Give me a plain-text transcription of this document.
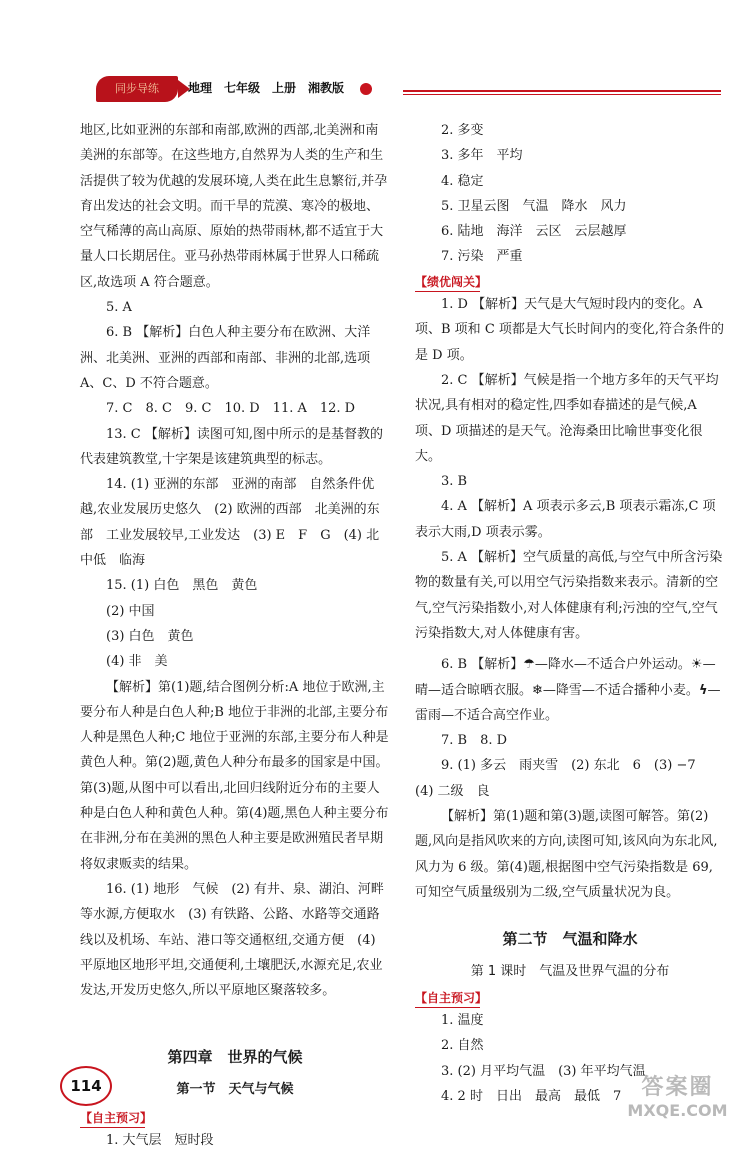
同步导练	地理　七年级　上册　湘教版

地区,比如亚洲的东部和南部,欧洲的西部,北美洲和南美洲的东部等。在这些地方,自然界为人类的生产和生活提供了较为优越的发展环境,人类在此生息繁衍,并孕育出发达的社会文明。而干旱的荒漠、寒冷的极地、空气稀薄的高山高原、原始的热带雨林,都不适宜于大量人口长期居住。亚马孙热带雨林属于世界人口稀疏区,故选项 A 符合题意。

5. A

6. B 【解析】白色人种主要分布在欧洲、大洋洲、北美洲、亚洲的西部和南部、非洲的北部,选项 A、C、D 不符合题意。

7. C　8. C　9. C　10. D　11. A　12. D

13. C 【解析】读图可知,图中所示的是基督教的代表建筑教堂,十字架是该建筑典型的标志。

14. (1) 亚洲的东部　亚洲的南部　自然条件优越,农业发展历史悠久　(2) 欧洲的西部　北美洲的东部　工业发展较早,工业发达　(3) E　F　G　(4) 北　中低　临海

15. (1) 白色　黑色　黄色

(2) 中国

(3) 白色　黄色

(4) 非　美

【解析】第(1)题,结合图例分析:A 地位于欧洲,主要分布人种是白色人种;B 地位于非洲的北部,主要分布人种是黑色人种;C 地位于亚洲的东部,主要分布人种是黄色人种。第(2)题,黄色人种分布最多的国家是中国。第(3)题,从图中可以看出,北回归线附近分布的主要人种是白色人种和黄色人种。第(4)题,黑色人种主要分布在非洲,分布在美洲的黑色人种主要是欧洲殖民者早期将奴隶贩卖的结果。

16. (1) 地形　气候　(2) 有井、泉、湖泊、河畔等水源,方便取水　(3) 有铁路、公路、水路等交通路线以及机场、车站、港口等交通枢纽,交通方便　(4) 平原地区地形平坦,交通便利,土壤肥沃,水源充足,农业发达,开发历史悠久,所以平原地区聚落较多。

第四章　世界的气候

第一节　天气与气候

【自主预习】

1. 大气层　短时段

2. 多变

3. 多年　平均

4. 稳定

5. 卫星云图　气温　降水　风力

6. 陆地　海洋　云区　云层越厚

7. 污染　严重

【绩优闯关】

1. D 【解析】天气是大气短时段内的变化。A 项、B 项和 C 项都是大气长时间内的变化,符合条件的是 D 项。

2. C 【解析】气候是指一个地方多年的天气平均状况,具有相对的稳定性,四季如春描述的是气候,A 项、D 项描述的是天气。沧海桑田比喻世事变化很大。

3. B

4. A 【解析】A 项表示多云,B 项表示霜冻,C 项表示大雨,D 项表示雾。

5. A 【解析】空气质量的高低,与空气中所含污染物的数量有关,可以用空气污染指数来表示。清新的空气,空气污染指数小,对人体健康有利;污浊的空气,空气污染指数大,对人体健康有害。

6. B 【解析】☂—降水—不适合户外运动。☀—晴—适合晾晒衣服。❄—降雪—不适合播种小麦。ϟ—雷雨—不适合高空作业。

7. B　8. D

9. (1) 多云　雨夹雪　(2) 东北　6　(3) −7　(4) 二级　良

【解析】第(1)题和第(3)题,读图可解答。第(2)题,风向是指风吹来的方向,读图可知,该风向为东北风,风力为 6 级。第(4)题,根据图中空气污染指数是 69,可知空气质量级别为二级,空气质量状况为良。

第二节　气温和降水

第 1 课时　气温及世界气温的分布

【自主预习】

1. 温度

2. 自然

3. (2) 月平均气温　(3) 年平均气温

4. 2 时　日出　最高　最低　7

114	答案圈
MXQE.COM
